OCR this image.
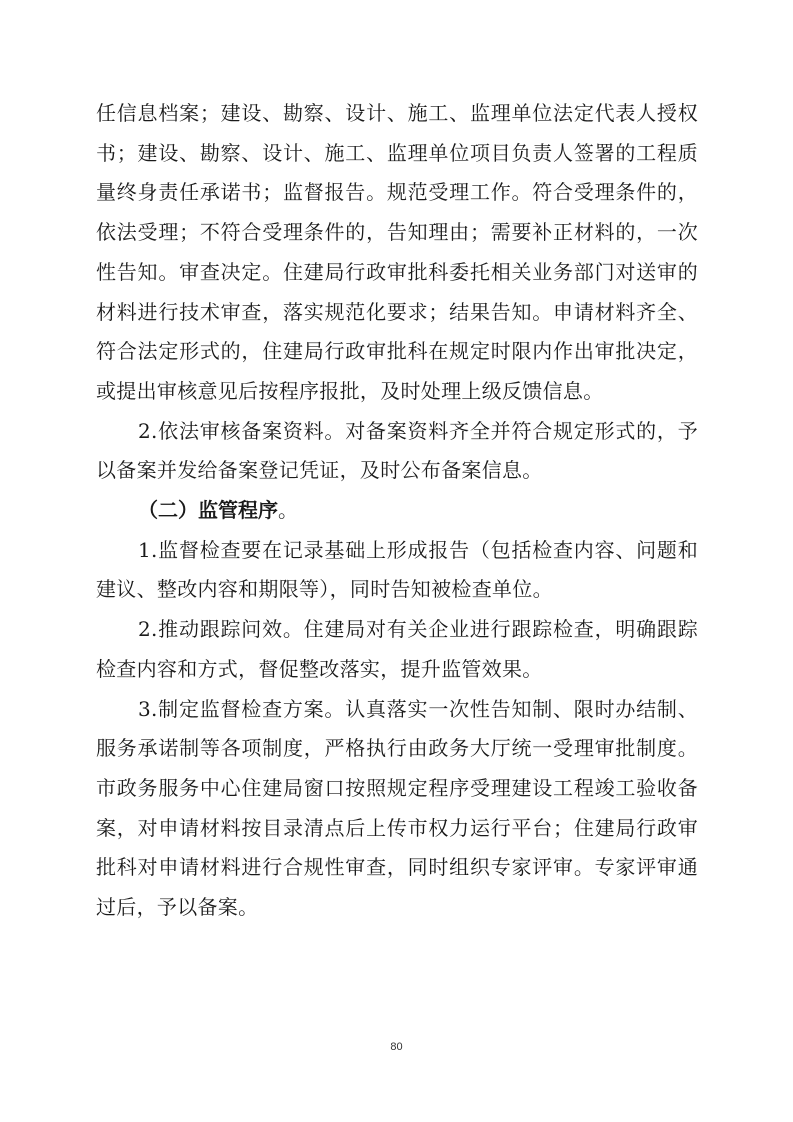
任信息档案；建设、勘察、设计、施工、监理单位法定代表人授权书；建设、勘察、设计、施工、监理单位项目负责人签署的工程质量终身责任承诺书；监督报告。规范受理工作。符合受理条件的，依法受理；不符合受理条件的，告知理由；需要补正材料的，一次性告知。审查决定。住建局行政审批科委托相关业务部门对送审的材料进行技术审查，落实规范化要求；结果告知。申请材料齐全、符合法定形式的，住建局行政审批科在规定时限内作出审批决定，或提出审核意见后按程序报批，及时处理上级反馈信息。

2.依法审核备案资料。对备案资料齐全并符合规定形式的，予以备案并发给备案登记凭证，及时公布备案信息。

（二）监管程序。

1.监督检查要在记录基础上形成报告（包括检查内容、问题和建议、整改内容和期限等），同时告知被检查单位。

2.推动跟踪问效。住建局对有关企业进行跟踪检查，明确跟踪检查内容和方式，督促整改落实，提升监管效果。

3.制定监督检查方案。认真落实一次性告知制、限时办结制、服务承诺制等各项制度，严格执行由政务大厅统一受理审批制度。市政务服务中心住建局窗口按照规定程序受理建设工程竣工验收备案，对申请材料按目录清点后上传市权力运行平台；住建局行政审批科对申请材料进行合规性审查，同时组织专家评审。专家评审通过后，予以备案。

80
